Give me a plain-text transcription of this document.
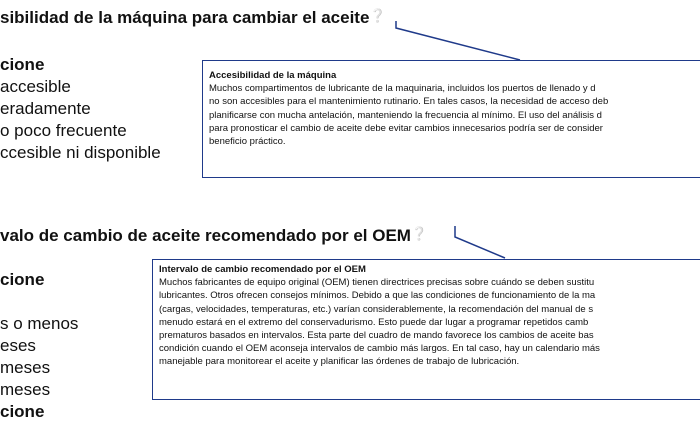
sibilidad de la máquina para cambiar el aceite❔
cione
accesible
eradamente
o poco frecuente
ccesible ni disponible
Accesibilidad de la máquina
Muchos compartimentos de lubricante de la maquinaria, incluidos los puertos de llenado y d
no son accesibles para el mantenimiento rutinario. En tales casos, la necesidad de acceso deb
planificarse con mucha antelación, manteniendo la frecuencia al mínimo. El uso del análisis d
para pronosticar el cambio de aceite debe evitar cambios innecesarios podría ser de consider
beneficio práctico.
valo de cambio de aceite recomendado por el OEM❔
cione
s o menos
eses
meses
meses
cione
Intervalo de cambio recomendado por el OEM
Muchos fabricantes de equipo original (OEM) tienen directrices precisas sobre cuándo se deben sustitu
lubricantes. Otros ofrecen consejos mínimos. Debido a que las condiciones de funcionamiento de la ma
(cargas, velocidades, temperaturas, etc.) varían considerablemente, la recomendación del manual de s
menudo estará en el extremo del conservadurismo. Esto puede dar lugar a programar repetidos camb
prematuros basados en intervalos. Esta parte del cuadro de mando favorece los cambios de aceite bas
condición cuando el OEM aconseja intervalos de cambio más largos. En tal caso, hay un calendario más
manejable para monitorear el aceite y planificar las órdenes de trabajo de lubricación.
